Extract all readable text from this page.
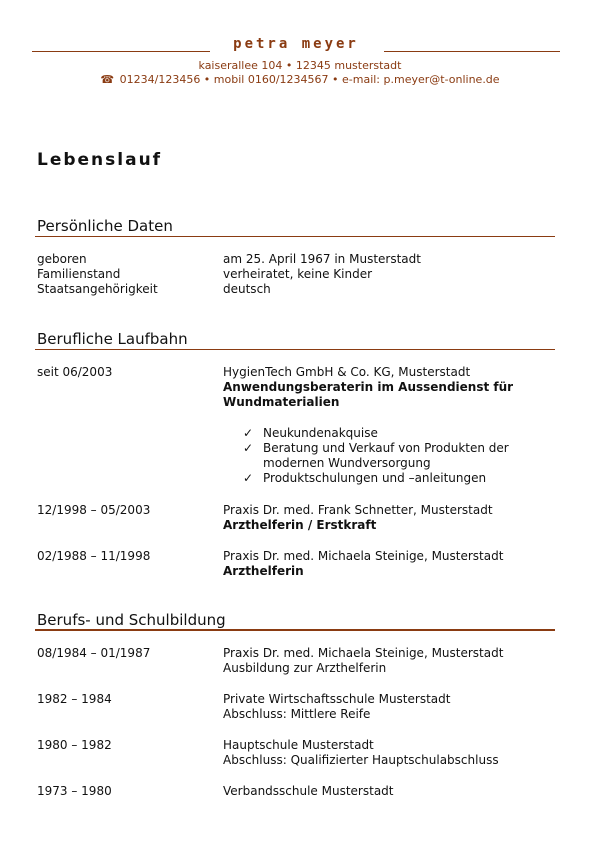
petra meyer
kaiserallee 104 • 12345 musterstadt
☎ 01234/123456 • mobil 0160/1234567 • e-mail: p.meyer@t-online.de
Lebenslauf
Persönliche Daten
geboren	am 25. April 1967 in Musterstadt
Familienstand	verheiratet, keine Kinder
Staatsangehörigkeit	deutsch
Berufliche Laufbahn
seit 06/2003	HygienTech GmbH & Co. KG, Musterstadt
Anwendungsberaterin im Aussendienst für
Wundmaterialien
✓ Neukundenakquise
✓ Beratung und Verkauf von Produkten der
modernen Wundversorgung
✓ Produktschulungen und –anleitungen
12/1998 – 05/2003	Praxis Dr. med. Frank Schnetter, Musterstadt
Arzthelferin / Erstkraft
02/1988 – 11/1998	Praxis Dr. med. Michaela Steinige, Musterstadt
Arzthelferin
Berufs- und Schulbildung
08/1984 – 01/1987	Praxis Dr. med. Michaela Steinige, Musterstadt
Ausbildung zur Arzthelferin
1982 – 1984	Private Wirtschaftsschule Musterstadt
Abschluss: Mittlere Reife
1980 – 1982	Hauptschule Musterstadt
Abschluss: Qualifizierter Hauptschulabschluss
1973 – 1980	Verbandsschule Musterstadt
